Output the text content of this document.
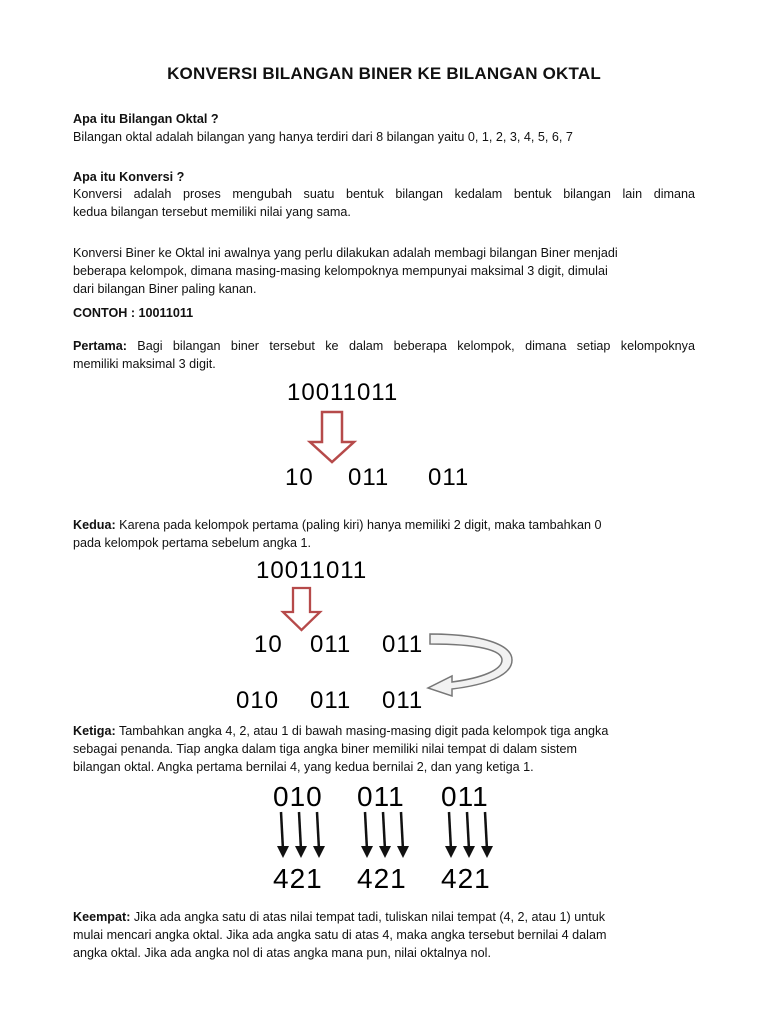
KONVERSI BILANGAN BINER KE BILANGAN OKTAL
Apa itu Bilangan Oktal ?
Bilangan oktal adalah bilangan yang hanya terdiri dari 8 bilangan yaitu 0, 1, 2, 3, 4, 5, 6, 7
Apa itu Konversi ?
Konversi adalah proses mengubah suatu bentuk bilangan kedalam bentuk bilangan lain dimana
kedua bilangan tersebut memiliki nilai yang sama.
Konversi Biner ke Oktal ini awalnya yang perlu dilakukan adalah membagi bilangan Biner menjadi
beberapa kelompok, dimana masing-masing kelompoknya mempunyai maksimal 3 digit, dimulai
dari bilangan Biner paling kanan.
CONTOH : 10011011
Pertama: Bagi bilangan biner tersebut ke dalam beberapa kelompok, dimana setiap kelompoknya
memiliki maksimal 3 digit.
10011011
10 011 011
Kedua: Karena pada kelompok pertama (paling kiri) hanya memiliki 2 digit, maka tambahkan 0
pada kelompok pertama sebelum angka 1.
10011011
10 011 011
010 011 011
Ketiga: Tambahkan angka 4, 2, atau 1 di bawah masing-masing digit pada kelompok tiga angka
sebagai penanda. Tiap angka dalam tiga angka biner memiliki nilai tempat di dalam sistem
bilangan oktal. Angka pertama bernilai 4, yang kedua bernilai 2, dan yang ketiga 1.
010 011 011
421 421 421
Keempat: Jika ada angka satu di atas nilai tempat tadi, tuliskan nilai tempat (4, 2, atau 1) untuk
mulai mencari angka oktal. Jika ada angka satu di atas 4, maka angka tersebut bernilai 4 dalam
angka oktal. Jika ada angka nol di atas angka mana pun, nilai oktalnya nol.
